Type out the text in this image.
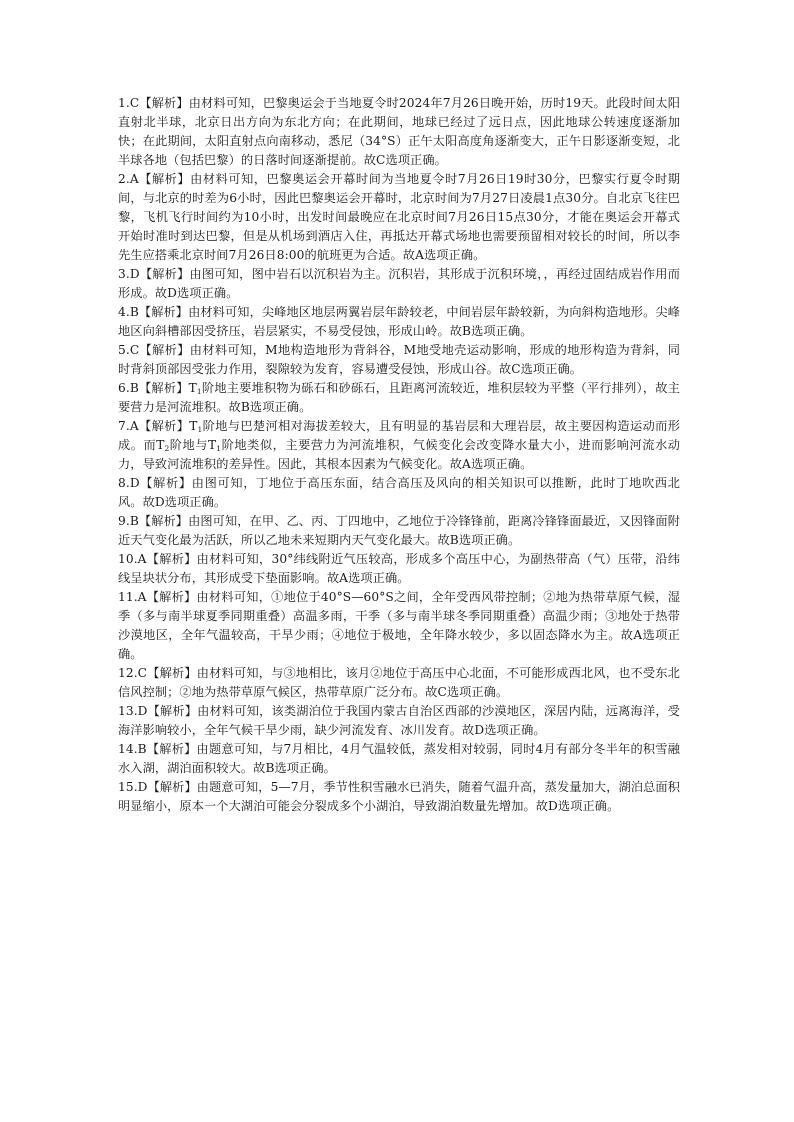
1.C【解析】由材料可知，巴黎奥运会于当地夏令时2024年7月26日晚开始，历时19天。此段时间太阳直射北半球，北京日出方向为东北方向；在此期间，地球已经过了远日点，因此地球公转速度逐渐加快；在此期间，太阳直射点向南移动，悉尼（34°S）正午太阳高度角逐渐变大，正午日影逐渐变短，北半球各地（包括巴黎）的日落时间逐渐提前。故C选项正确。

2.A【解析】由材料可知，巴黎奥运会开幕时间为当地夏令时7月26日19时30分，巴黎实行夏令时期间，与北京的时差为6小时，因此巴黎奥运会开幕时，北京时间为7月27日凌晨1点30分。自北京飞往巴黎，飞机飞行时间约为10小时，出发时间最晚应在北京时间7月26日15点30分，才能在奥运会开幕式开始时准时到达巴黎，但是从机场到酒店入住，再抵达开幕式场地也需要预留相对较长的时间，所以李先生应搭乘北京时间7月26日8:00的航班更为合适。故A选项正确。

3.D【解析】由图可知，图中岩石以沉积岩为主。沉积岩，其形成于沉积环境，，再经过固结成岩作用而形成。故D选项正确。

4.B【解析】由材料可知，尖峰地区地层两翼岩层年龄较老，中间岩层年龄较新，为向斜构造地形。尖峰地区向斜槽部因受挤压，岩层紧实，不易受侵蚀，形成山岭。故B选项正确。

5.C【解析】由材料可知，M地构造地形为背斜谷，M地受地壳运动影响，形成的地形构造为背斜，同时背斜顶部因受张力作用，裂隙较为发育，容易遭受侵蚀，形成山谷。故C选项正确。

6.B【解析】$T_1$阶地主要堆积物为砾石和砂砾石，且距离河流较近，堆积层较为平整（平行排列），故主要营力是河流堆积。故B选项正确。

7.A【解析】$T_1$阶地与巴楚河相对海拔差较大，且有明显的基岩层和大理岩层，故主要因构造运动而形成。而$T_2$阶地与$T_1$阶地类似，主要营力为河流堆积，气候变化会改变降水量大小，进而影响河流水动力，导致河流堆积的差异性。因此，其根本因素为气候变化。故A选项正确。

8.D【解析】由图可知，丁地位于高压东面，结合高压及风向的相关知识可以推断，此时丁地吹西北风。故D选项正确。

9.B【解析】由图可知，在甲、乙、丙、丁四地中，乙地位于冷锋锋前，距离冷锋锋面最近，又因锋面附近天气变化最为活跃，所以乙地未来短期内天气变化最大。故B选项正确。

10.A【解析】由材料可知，30°纬线附近气压较高，形成多个高压中心，为副热带高（气）压带，沿纬线呈块状分布，其形成受下垫面影响。故A选项正确。

11.A【解析】由材料可知，①地位于40°S—60°S之间，全年受西风带控制；②地为热带草原气候，湿季（多与南半球夏季同期重叠）高温多雨，干季（多与南半球冬季同期重叠）高温少雨；③地处于热带沙漠地区，全年气温较高，干旱少雨；④地位于极地，全年降水较少，多以固态降水为主。故A选项正确。

12.C【解析】由材料可知，与③地相比，该月②地位于高压中心北面，不可能形成西北风，也不受东北信风控制；②地为热带草原气候区，热带草原广泛分布。故C选项正确。

13.D【解析】由材料可知，该类湖泊位于我国内蒙古自治区西部的沙漠地区，深居内陆，远离海洋，受海洋影响较小，全年气候干旱少雨，缺少河流发育、冰川发育。故D选项正确。

14.B【解析】由题意可知，与7月相比，4月气温较低，蒸发相对较弱，同时4月有部分冬半年的积雪融水入湖，湖泊面积较大。故B选项正确。

15.D【解析】由题意可知，5—7月，季节性积雪融水已消失，随着气温升高，蒸发量加大，湖泊总面积明显缩小，原本一个大湖泊可能会分裂成多个小湖泊，导致湖泊数量先增加。故D选项正确。
